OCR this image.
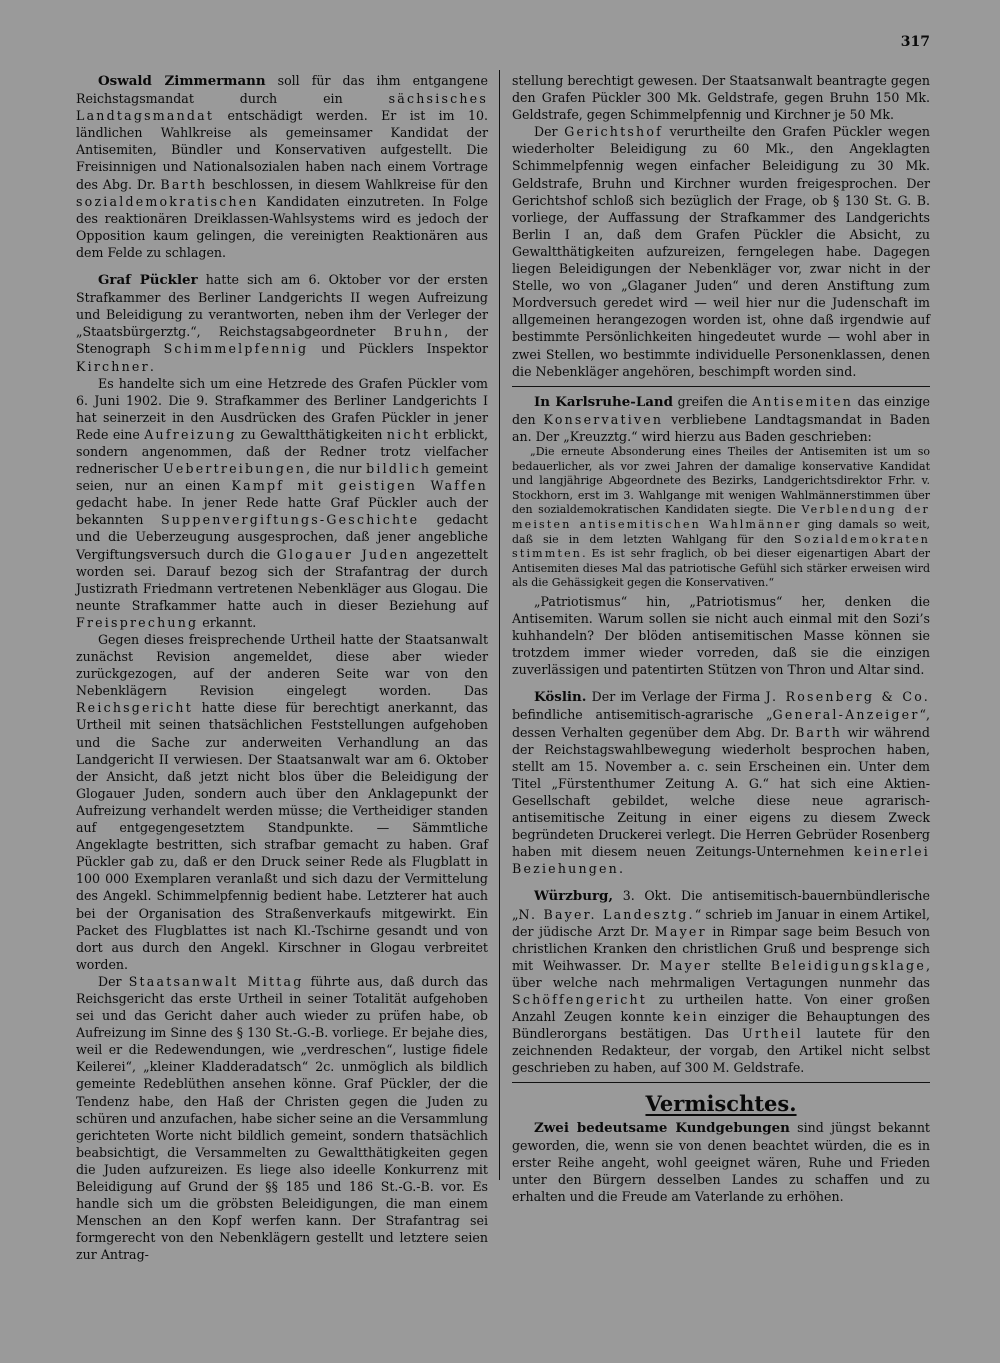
317

Oswald Zimmermann soll für das ihm entgangene Reichstagsmandat durch ein sächsisches Landtagsmandat entschädigt werden. Er ist im 10. ländlichen Wahlkreise als gemeinsamer Kandidat der Antisemiten, Bündler und Konservativen aufgestellt. Die Freisinnigen und Nationalsozialen haben nach einem Vortrage des Abg. Dr. Barth beschlossen, in diesem Wahlkreise für den sozialdemokratischen Kandidaten einzutreten. In Folge des reaktionären Dreiklassen-Wahlsystems wird es jedoch der Opposition kaum gelingen, die vereinigten Reaktionären aus dem Felde zu schlagen.

Graf Pückler hatte sich am 6. Oktober vor der ersten Strafkammer des Berliner Landgerichts II wegen Aufreizung und Beleidigung zu verantworten, neben ihm der Verleger der „Staatsbürgerztg.“, Reichstagsabgeordneter Bruhn, der Stenograph Schimmelpfennig und Pücklers Inspektor Kirchner.

Es handelte sich um eine Hetzrede des Grafen Pückler vom 6. Juni 1902. Die 9. Strafkammer des Berliner Landgerichts I hat seinerzeit in den Ausdrücken des Grafen Pückler in jener Rede eine Aufreizung zu Gewaltthätigkeiten nicht erblickt, sondern angenommen, daß der Redner trotz vielfacher rednerischer Uebertreibungen, die nur bildlich gemeint seien, nur an einen Kampf mit geistigen Waffen gedacht habe. In jener Rede hatte Graf Pückler auch der bekannten Suppenvergiftungs-Geschichte gedacht und die Ueberzeugung ausgesprochen, daß jener angebliche Vergiftungsversuch durch die Glogauer Juden angezettelt worden sei. Darauf bezog sich der Strafantrag der durch Justizrath Friedmann vertretenen Nebenkläger aus Glogau. Die neunte Strafkammer hatte auch in dieser Beziehung auf Freisprechung erkannt.

Gegen dieses freisprechende Urtheil hatte der Staatsanwalt zunächst Revision angemeldet, diese aber wieder zurückgezogen, auf der anderen Seite war von den Nebenklägern Revision eingelegt worden. Das Reichsgericht hatte diese für berechtigt anerkannt, das Urtheil mit seinen thatsächlichen Feststellungen aufgehoben und die Sache zur anderweiten Verhandlung an das Landgericht II verwiesen. Der Staatsanwalt war am 6. Oktober der Ansicht, daß jetzt nicht blos über die Beleidigung der Glogauer Juden, sondern auch über den Anklagepunkt der Aufreizung verhandelt werden müsse; die Vertheidiger standen auf entgegengesetztem Standpunkte. — Sämmtliche Angeklagte bestritten, sich strafbar gemacht zu haben. Graf Pückler gab zu, daß er den Druck seiner Rede als Flugblatt in 100 000 Exemplaren veranlaßt und sich dazu der Vermittelung des Angekl. Schimmelpfennig bedient habe. Letzterer hat auch bei der Organisation des Straßenverkaufs mitgewirkt. Ein Packet des Flugblattes ist nach Kl.-Tschirne gesandt und von dort aus durch den Angekl. Kirschner in Glogau verbreitet worden.

Der Staatsanwalt Mittag führte aus, daß durch das Reichsgericht das erste Urtheil in seiner Totalität aufgehoben sei und das Gericht daher auch wieder zu prüfen habe, ob Aufreizung im Sinne des § 130 St.-G.-B. vorliege. Er bejahe dies, weil er die Redewendungen, wie „verdreschen“, lustige fidele Keilerei“, „kleiner Kladderadatsch“ 2c. unmöglich als bildlich gemeinte Redeblüthen ansehen könne. Graf Pückler, der die Tendenz habe, den Haß der Christen gegen die Juden zu schüren und anzufachen, habe sicher seine an die Versammlung gerichteten Worte nicht bildlich gemeint, sondern thatsächlich beabsichtigt, die Versammelten zu Gewaltthätigkeiten gegen die Juden aufzureizen. Es liege also ideelle Konkurrenz mit Beleidigung auf Grund der §§ 185 und 186 St.-G.-B. vor. Es handle sich um die gröbsten Beleidigungen, die man einem Menschen an den Kopf werfen kann. Der Strafantrag sei formgerecht von den Nebenklägern gestellt und letztere seien zur Antrag-

stellung berechtigt gewesen. Der Staatsanwalt beantragte gegen den Grafen Pückler 300 Mk. Geldstrafe, gegen Bruhn 150 Mk. Geldstrafe, gegen Schimmelpfennig und Kirchner je 50 Mk.

Der Gerichtshof verurtheilte den Grafen Pückler wegen wiederholter Beleidigung zu 60 Mk., den Angeklagten Schimmelpfennig wegen einfacher Beleidigung zu 30 Mk. Geldstrafe, Bruhn und Kirchner wurden freigesprochen. Der Gerichtshof schloß sich bezüglich der Frage, ob § 130 St. G. B. vorliege, der Auffassung der Strafkammer des Landgerichts Berlin I an, daß dem Grafen Pückler die Absicht, zu Gewaltthätigkeiten aufzureizen, ferngelegen habe. Dagegen liegen Beleidigungen der Nebenkläger vor, zwar nicht in der Stelle, wo von „Glaganer Juden“ und deren Anstiftung zum Mordversuch geredet wird — weil hier nur die Judenschaft im allgemeinen herangezogen worden ist, ohne daß irgendwie auf bestimmte Persönlichkeiten hingedeutet wurde — wohl aber in zwei Stellen, wo bestimmte individuelle Personenklassen, denen die Nebenkläger angehören, beschimpft worden sind.

In Karlsruhe-Land greifen die Antisemiten das einzige den Konservativen verbliebene Landtagsmandat in Baden an. Der „Kreuzztg.“ wird hierzu aus Baden geschrieben:

„Die erneute Absonderung eines Theiles der Antisemiten ist um so bedauerlicher, als vor zwei Jahren der damalige konservative Kandidat und langjährige Abgeordnete des Bezirks, Landgerichtsdirektor Frhr. v. Stockhorn, erst im 3. Wahlgange mit wenigen Wahlmännerstimmen über den sozialdemokratischen Kandidaten siegte. Die Verblendung der meisten antisemitischen Wahlmänner ging damals so weit, daß sie in dem letzten Wahlgang für den Sozialdemokraten stimmten. Es ist sehr fraglich, ob bei dieser eigenartigen Abart der Antisemiten dieses Mal das patriotische Gefühl sich stärker erweisen wird als die Gehässigkeit gegen die Konservativen.“

„Patriotismus“ hin, „Patriotismus“ her, denken die Antisemiten. Warum sollen sie nicht auch einmal mit den Sozi’s kuhhandeln? Der blöden antisemitischen Masse können sie trotzdem immer wieder vorreden, daß sie die einzigen zuverlässigen und patentirten Stützen von Thron und Altar sind.

Köslin. Der im Verlage der Firma J. Rosenberg & Co. befindliche antisemitisch-agrarische „General-Anzeiger“, dessen Verhalten gegenüber dem Abg. Dr. Barth wir während der Reichstagswahlbewegung wiederholt besprochen haben, stellt am 15. November a. c. sein Erscheinen ein. Unter dem Titel „Fürstenthumer Zeitung A. G.“ hat sich eine Aktien-Gesellschaft gebildet, welche diese neue agrarisch-antisemitische Zeitung in einer eigens zu diesem Zweck begründeten Druckerei verlegt. Die Herren Gebrüder Rosenberg haben mit diesem neuen Zeitungs-Unternehmen keinerlei Beziehungen.

Würzburg, 3. Okt. Die antisemitisch-bauernbündlerische „N. Bayer. Landesztg.“ schrieb im Januar in einem Artikel, der jüdische Arzt Dr. Mayer in Rimpar sage beim Besuch von christlichen Kranken den christlichen Gruß und besprenge sich mit Weihwasser. Dr. Mayer stellte Beleidigungsklage, über welche nach mehrmaligen Vertagungen nunmehr das Schöffengericht zu urtheilen hatte. Von einer großen Anzahl Zeugen konnte kein einziger die Behauptungen des Bündlerorgans bestätigen. Das Urtheil lautete für den zeichnenden Redakteur, der vorgab, den Artikel nicht selbst geschrieben zu haben, auf 300 M. Geldstrafe.

Vermischtes.

Zwei bedeutsame Kundgebungen sind jüngst bekannt geworden, die, wenn sie von denen beachtet würden, die es in erster Reihe angeht, wohl geeignet wären, Ruhe und Frieden unter den Bürgern desselben Landes zu schaffen und zu erhalten und die Freude am Vaterlande zu erhöhen.
